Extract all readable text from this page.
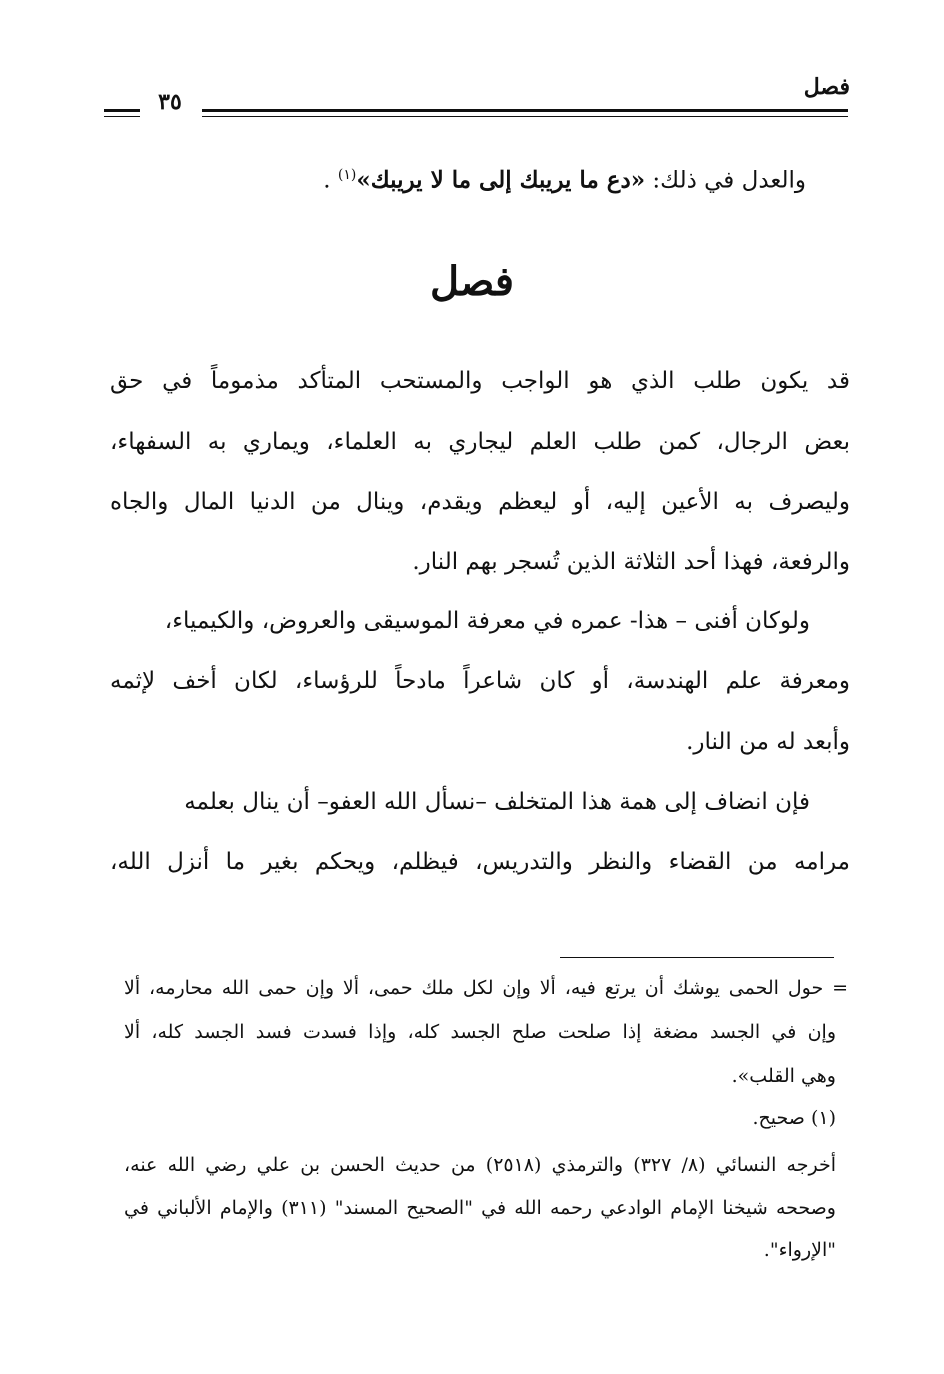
فصل
٣٥
والعدل في ذلك: «دع ما يريبك إلى ما لا يريبك»$^{(١)}$ .
فصل
قد يكون طلب الذي هو الواجب والمستحب المتأكد مذموماً في حق
بعض الرجال، كمن طلب العلم ليجاري به العلماء، ويماري به السفهاء،
وليصرف به الأعين إليه، أو ليعظم ويقدم، وينال من الدنيا المال والجاه
والرفعة، فهذا أحد الثلاثة الذين تُسجر بهم النار.
ولوكان أفنى – هذا- عمره في معرفة الموسيقى والعروض، والكيمياء،
ومعرفة علم الهندسة، أو كان شاعراً مادحاً للرؤساء، لكان أخف لإثمه
وأبعد له من النار.
فإن انضاف إلى همة هذا المتخلف –نسأل الله العفو– أن ينال بعلمه
مرامه من القضاء والنظر والتدريس، فيظلم، ويحكم بغير ما أنزل الله،
= حول الحمى يوشك أن يرتع فيه، ألا وإن لكل ملك حمى، ألا وإن حمى الله محارمه، ألا
وإن في الجسد مضغة إذا صلحت صلح الجسد كله، وإذا فسدت فسد الجسد كله، ألا
وهي القلب».
(١) صحيح.
أخرجه النسائي (٨/ ٣٢٧) والترمذي (٢٥١٨) من حديث الحسن بن علي رضي الله عنه،
وصححه شيخنا الإمام الوادعي رحمه الله في "الصحيح المسند" (٣١١) والإمام الألباني في
"الإرواء".
